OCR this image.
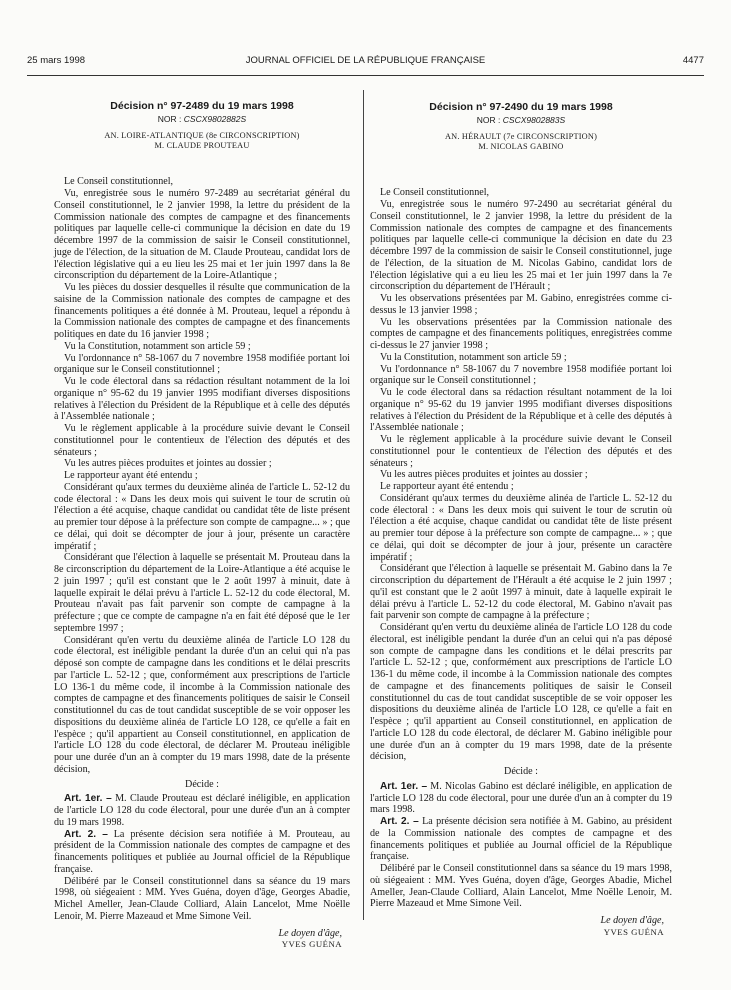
25 mars 1998	JOURNAL OFFICIEL DE LA RÉPUBLIQUE FRANÇAISE	4477

Décision n° 97-2489 du 19 mars 1998

NOR : CSCX9802882S

AN. LOIRE-ATLANTIQUE (8e CIRCONSCRIPTION)

M. CLAUDE PROUTEAU

Le Conseil constitutionnel,

Vu, enregistrée sous le numéro 97-2489 au secrétariat général du Conseil constitutionnel, le 2 janvier 1998, la lettre du président de la Commission nationale des comptes de campagne et des financements politiques par laquelle celle-ci communique la décision en date du 19 décembre 1997 de la commission de saisir le Conseil constitutionnel, juge de l'élection, de la situation de M. Claude Prouteau, candidat lors de l'élection législative qui a eu lieu les 25 mai et 1er juin 1997 dans la 8e circonscription du département de la Loire-Atlantique ;

Vu les pièces du dossier desquelles il résulte que communication de la saisine de la Commission nationale des comptes de campagne et des financements politiques a été donnée à M. Prouteau, lequel a répondu à la Commission nationale des comptes de campagne et des financements politiques en date du 16 janvier 1998 ;

Vu la Constitution, notamment son article 59 ;

Vu l'ordonnance n° 58-1067 du 7 novembre 1958 modifiée portant loi organique sur le Conseil constitutionnel ;

Vu le code électoral dans sa rédaction résultant notamment de la loi organique n° 95-62 du 19 janvier 1995 modifiant diverses dispositions relatives à l'élection du Président de la République et à celle des députés à l'Assemblée nationale ;

Vu le règlement applicable à la procédure suivie devant le Conseil constitutionnel pour le contentieux de l'élection des députés et des sénateurs ;

Vu les autres pièces produites et jointes au dossier ;

Le rapporteur ayant été entendu ;

Considérant qu'aux termes du deuxième alinéa de l'article L. 52-12 du code électoral : « Dans les deux mois qui suivent le tour de scrutin où l'élection a été acquise, chaque candidat ou candidat tête de liste présent au premier tour dépose à la préfecture son compte de campagne... » ; que ce délai, qui doit se décompter de jour à jour, présente un caractère impératif ;

Considérant que l'élection à laquelle se présentait M. Prouteau dans la 8e circonscription du département de la Loire-Atlantique a été acquise le 2 juin 1997 ; qu'il est constant que le 2 août 1997 à minuit, date à laquelle expirait le délai prévu à l'article L. 52-12 du code électoral, M. Prouteau n'avait pas fait parvenir son compte de campagne à la préfecture ; que ce compte de campagne n'a en fait été déposé que le 1er septembre 1997 ;

Considérant qu'en vertu du deuxième alinéa de l'article LO 128 du code électoral, est inéligible pendant la durée d'un an celui qui n'a pas déposé son compte de campagne dans les conditions et le délai prescrits par l'article L. 52-12 ; que, conformément aux prescriptions de l'article LO 136-1 du même code, il incombe à la Commission nationale des comptes de campagne et des financements politiques de saisir le Conseil constitutionnel du cas de tout candidat susceptible de se voir opposer les dispositions du deuxième alinéa de l'article LO 128, ce qu'elle a fait en l'espèce ; qu'il appartient au Conseil constitutionnel, en application de l'article LO 128 du code électoral, de déclarer M. Prouteau inéligible pour une durée d'un an à compter du 19 mars 1998, date de la présente décision,

Décide :

Art. 1er. – M. Claude Prouteau est déclaré inéligible, en application de l'article LO 128 du code électoral, pour une durée d'un an à compter du 19 mars 1998.

Art. 2. – La présente décision sera notifiée à M. Prouteau, au président de la Commission nationale des comptes de campagne et des financements politiques et publiée au Journal officiel de la République française.

Délibéré par le Conseil constitutionnel dans sa séance du 19 mars 1998, où siégeaient : MM. Yves Guéna, doyen d'âge, Georges Abadie, Michel Ameller, Jean-Claude Colliard, Alain Lancelot, Mme Noëlle Lenoir, M. Pierre Mazeaud et Mme Simone Veil.

Le doyen d'âge,

YVES GUÉNA

Décision n° 97-2490 du 19 mars 1998

NOR : CSCX9802883S

AN. HÉRAULT (7e CIRCONSCRIPTION)

M. NICOLAS GABINO

Le Conseil constitutionnel,

Vu, enregistrée sous le numéro 97-2490 au secrétariat général du Conseil constitutionnel, le 2 janvier 1998, la lettre du président de la Commission nationale des comptes de campagne et des financements politiques par laquelle celle-ci communique la décision en date du 23 décembre 1997 de la commission de saisir le Conseil constitutionnel, juge de l'élection, de la situation de M. Nicolas Gabino, candidat lors de l'élection législative qui a eu lieu les 25 mai et 1er juin 1997 dans la 7e circonscription du département de l'Hérault ;

Vu les observations présentées par M. Gabino, enregistrées comme ci-dessus le 13 janvier 1998 ;

Vu les observations présentées par la Commission nationale des comptes de campagne et des financements politiques, enregistrées comme ci-dessus le 27 janvier 1998 ;

Vu la Constitution, notamment son article 59 ;

Vu l'ordonnance n° 58-1067 du 7 novembre 1958 modifiée portant loi organique sur le Conseil constitutionnel ;

Vu le code électoral dans sa rédaction résultant notamment de la loi organique n° 95-62 du 19 janvier 1995 modifiant diverses dispositions relatives à l'élection du Président de la République et à celle des députés à l'Assemblée nationale ;

Vu le règlement applicable à la procédure suivie devant le Conseil constitutionnel pour le contentieux de l'élection des députés et des sénateurs ;

Vu les autres pièces produites et jointes au dossier ;

Le rapporteur ayant été entendu ;

Considérant qu'aux termes du deuxième alinéa de l'article L. 52-12 du code électoral : « Dans les deux mois qui suivent le tour de scrutin où l'élection a été acquise, chaque candidat ou candidat tête de liste présent au premier tour dépose à la préfecture son compte de campagne... » ; que ce délai, qui doit se décompter de jour à jour, présente un caractère impératif ;

Considérant que l'élection à laquelle se présentait M. Gabino dans la 7e circonscription du département de l'Hérault a été acquise le 2 juin 1997 ; qu'il est constant que le 2 août 1997 à minuit, date à laquelle expirait le délai prévu à l'article L. 52-12 du code électoral, M. Gabino n'avait pas fait parvenir son compte de campagne à la préfecture ;

Considérant qu'en vertu du deuxième alinéa de l'article LO 128 du code électoral, est inéligible pendant la durée d'un an celui qui n'a pas déposé son compte de campagne dans les conditions et le délai prescrits par l'article L. 52-12 ; que, conformément aux prescriptions de l'article LO 136-1 du même code, il incombe à la Commission nationale des comptes de campagne et des financements politiques de saisir le Conseil constitutionnel du cas de tout candidat susceptible de se voir opposer les dispositions du deuxième alinéa de l'article LO 128, ce qu'elle a fait en l'espèce ; qu'il appartient au Conseil constitutionnel, en application de l'article LO 128 du code électoral, de déclarer M. Gabino inéligible pour une durée d'un an à compter du 19 mars 1998, date de la présente décision,

Décide :

Art. 1er. – M. Nicolas Gabino est déclaré inéligible, en application de l'article LO 128 du code électoral, pour une durée d'un an à compter du 19 mars 1998.

Art. 2. – La présente décision sera notifiée à M. Gabino, au président de la Commission nationale des comptes de campagne et des financements politiques et publiée au Journal officiel de la République française.

Délibéré par le Conseil constitutionnel dans sa séance du 19 mars 1998, où siégeaient : MM. Yves Guéna, doyen d'âge, Georges Abadie, Michel Ameller, Jean-Claude Colliard, Alain Lancelot, Mme Noëlle Lenoir, M. Pierre Mazeaud et Mme Simone Veil.

Le doyen d'âge,

YVES GUÉNA
